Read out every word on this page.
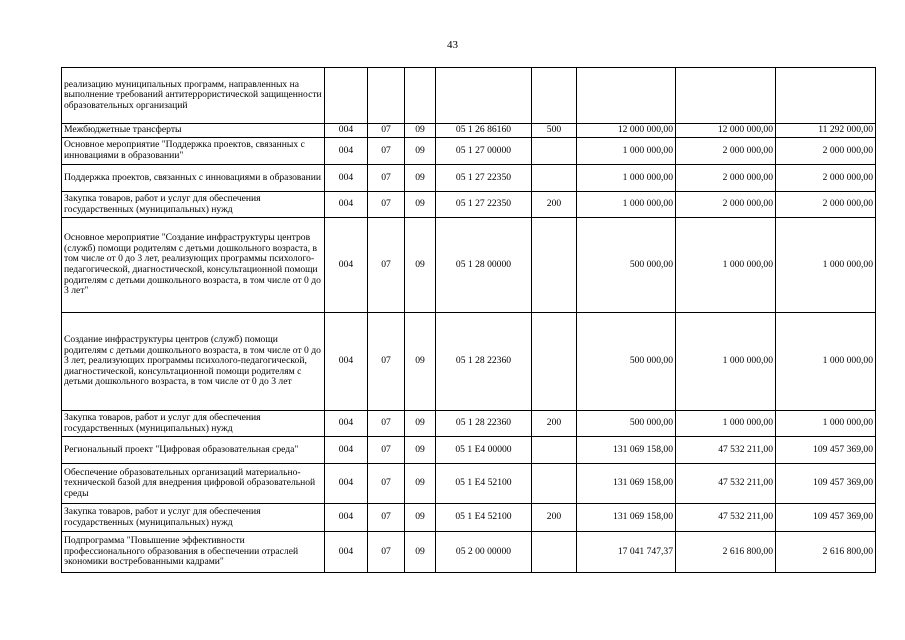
43
реализацию муниципальных программ, направленных на выполнение требований антитеррористической защищенности образовательных организаций								
Межбюджетные трансферты	004	07	09	05 1 26 86160	500	12 000 000,00	12 000 000,00	11 292 000,00
Основное мероприятие "Поддержка проектов, связанных с инновациями в образовании"	004	07	09	05 1 27 00000		1 000 000,00	2 000 000,00	2 000 000,00
Поддержка проектов, связанных с инновациями в образовании	004	07	09	05 1 27 22350		1 000 000,00	2 000 000,00	2 000 000,00
Закупка товаров, работ и услуг для обеспечения государственных (муниципальных) нужд	004	07	09	05 1 27 22350	200	1 000 000,00	2 000 000,00	2 000 000,00
Основное мероприятие "Создание инфраструктуры центров (служб) помощи родителям с детьми дошкольного возраста, в том числе от 0 до 3 лет, реализующих программы психолого-педагогической, диагностической, консультационной помощи родителям с детьми дошкольного возраста, в том числе от 0 до 3 лет"	004	07	09	05 1 28 00000		500 000,00	1 000 000,00	1 000 000,00
Создание инфраструктуры центров (служб) помощи родителям с детьми дошкольного возраста, в том числе от 0 до 3 лет, реализующих программы психолого-педагогической, диагностической, консультационной помощи родителям с детьми дошкольного возраста, в том числе от 0 до 3 лет	004	07	09	05 1 28 22360		500 000,00	1 000 000,00	1 000 000,00
Закупка товаров, работ и услуг для обеспечения государственных (муниципальных) нужд	004	07	09	05 1 28 22360	200	500 000,00	1 000 000,00	1 000 000,00
Региональный проект "Цифровая образовательная среда"	004	07	09	05 1 E4 00000		131 069 158,00	47 532 211,00	109 457 369,00
Обеспечение образовательных организаций материально-технической базой для внедрения цифровой образовательной среды	004	07	09	05 1 E4 52100		131 069 158,00	47 532 211,00	109 457 369,00
Закупка товаров, работ и услуг для обеспечения государственных (муниципальных) нужд	004	07	09	05 1 E4 52100	200	131 069 158,00	47 532 211,00	109 457 369,00
Подпрограмма "Повышение эффективности профессионального образования в обеспечении отраслей экономики востребованными кадрами"	004	07	09	05 2 00 00000		17 041 747,37	2 616 800,00	2 616 800,00
